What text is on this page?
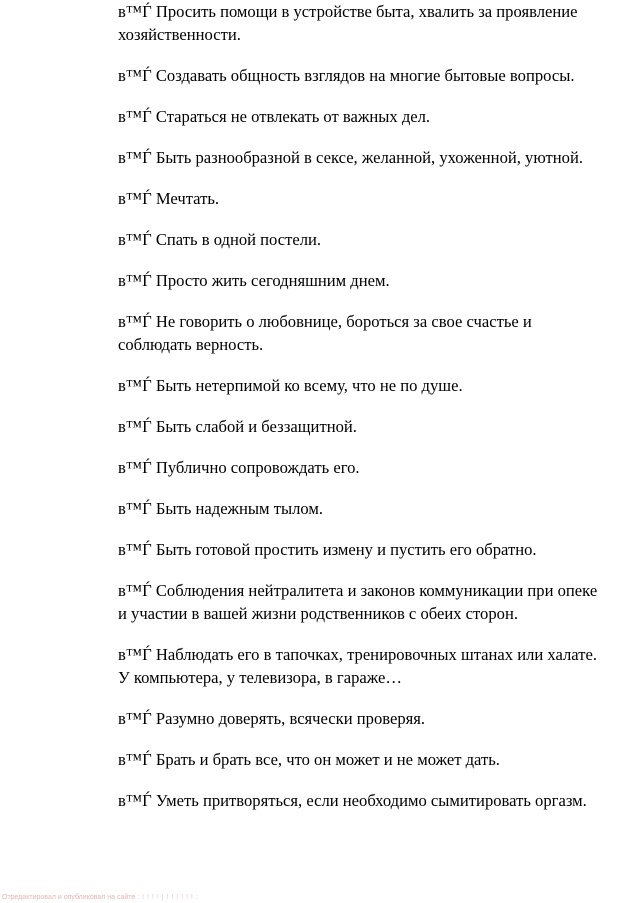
в™Ѓ Просить помощи в устройстве быта, хвалить за проявление
хозяйственности.
в™Ѓ Создавать общность взглядов на многие бытовые вопросы.
в™Ѓ Стараться не отвлекать от важных дел.
в™Ѓ Быть разнообразной в сексе, желанной, ухоженной, уютной.
в™Ѓ Мечтать.
в™Ѓ Спать в одной постели.
в™Ѓ Просто жить сегодняшним днем.
в™Ѓ Не говорить о любовнице, бороться за свое счастье и
соблюдать верность.
в™Ѓ Быть нетерпимой ко всему, что не по душе.
в™Ѓ Быть слабой и беззащитной.
в™Ѓ Публично сопровождать его.
в™Ѓ Быть надежным тылом.
в™Ѓ Быть готовой простить измену и пустить его обратно.
в™Ѓ Соблюдения нейтралитета и законов коммуникации при опеке
и участии в вашей жизни родственников с обеих сторон.
в™Ѓ Наблюдать его в тапочках, тренировочных штанах или халате.
У компьютера, у телевизора, в гараже…
в™Ѓ Разумно доверять, всячески проверяя.
в™Ѓ Брать и брать все, что он может и не может дать.
в™Ѓ Уметь притворяться, если необходимо сымитировать оргазм.
Отредактировал и опубликовал на сайте : ! ! ! ! | ! ! ! ! ! ! :
